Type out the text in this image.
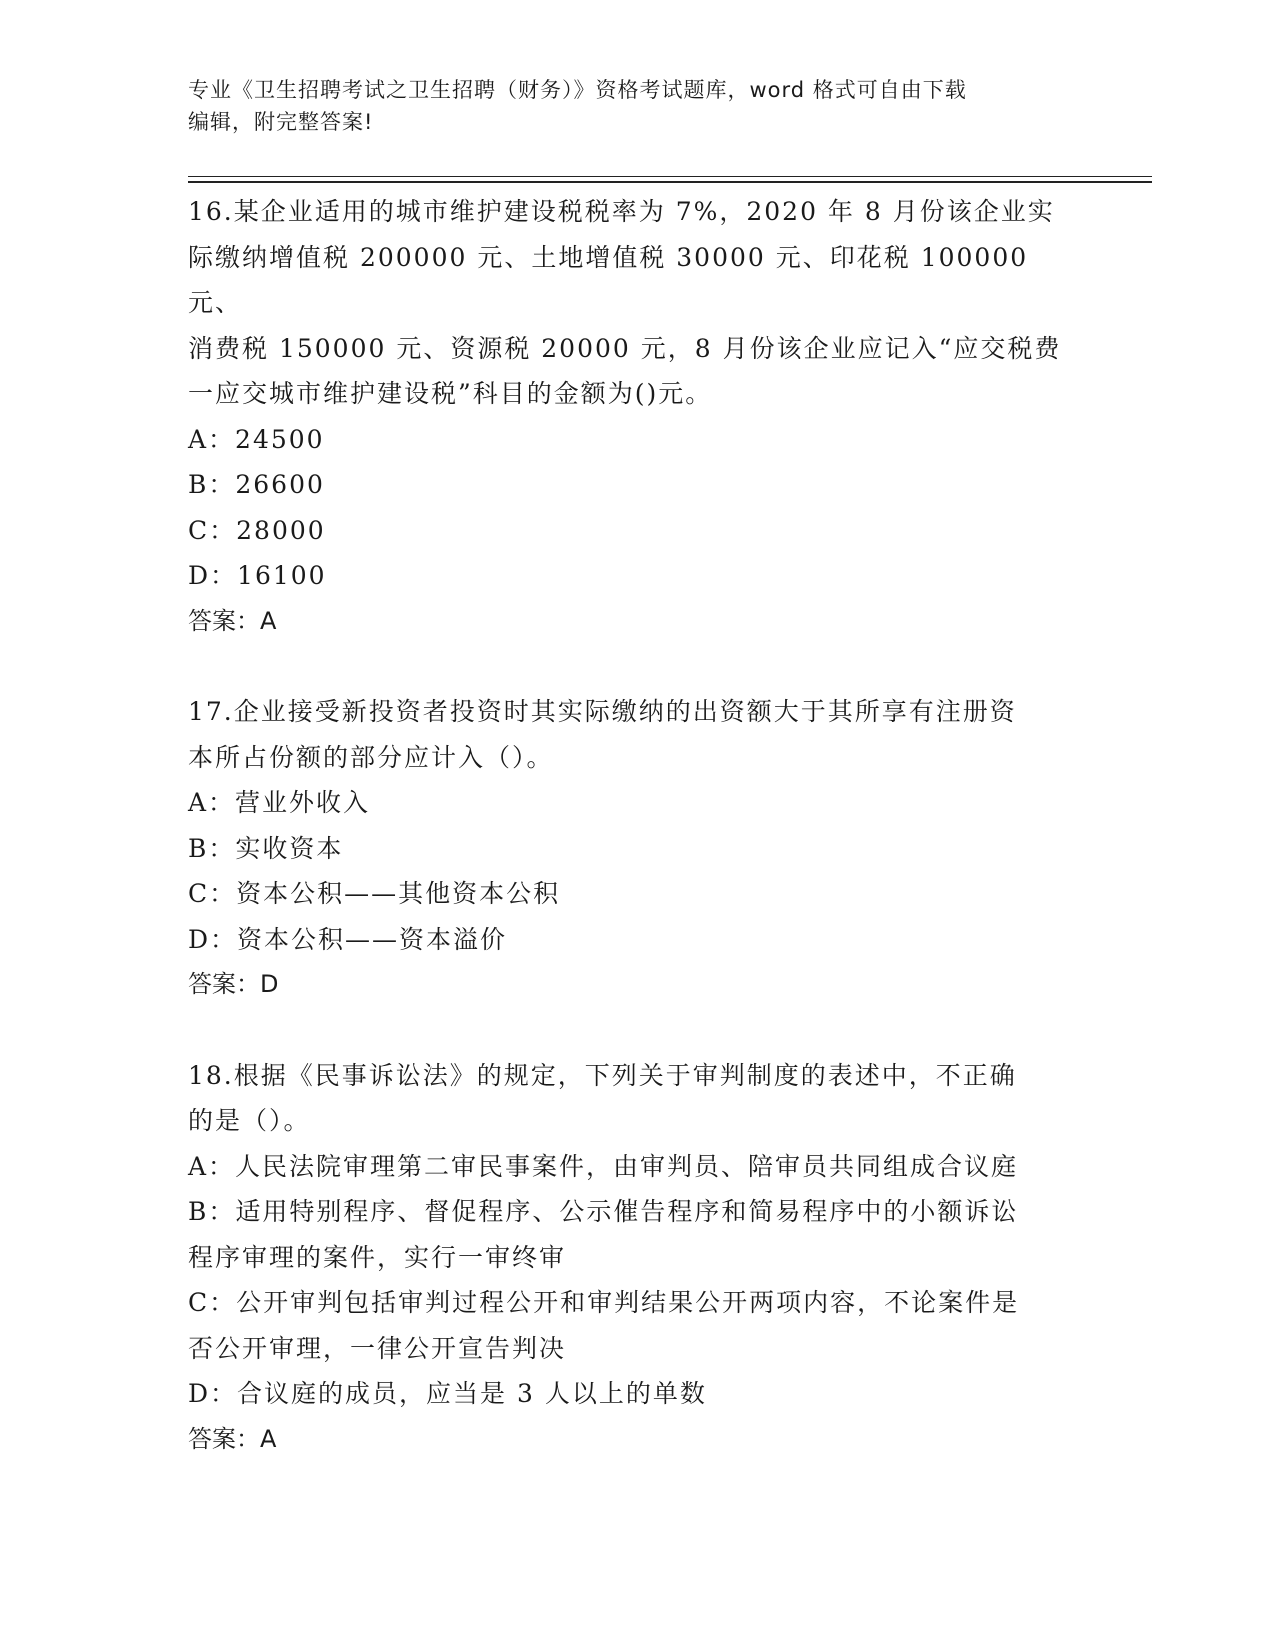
专业《卫生招聘考试之卫生招聘（财务）》资格考试题库，word 格式可自由下载
编辑，附完整答案!

16.某企业适用的城市维护建设税税率为 7%，2020 年 8 月份该企业实

际缴纳增值税 200000 元、土地增值税 30000 元、印花税 100000 元、

消费税 150000 元、资源税 20000 元，8 月份该企业应记入“应交税费

一应交城市维护建设税”科目的金额为()元。

A：24500

B：26600

C：28000

D：16100

答案：A

17.企业接受新投资者投资时其实际缴纳的出资额大于其所享有注册资

本所占份额的部分应计入（）。

A：营业外收入

B：实收资本

C：资本公积——其他资本公积

D：资本公积——资本溢价

答案：D

18.根据《民事诉讼法》的规定，下列关于审判制度的表述中，不正确

的是（）。

A：人民法院审理第二审民事案件，由审判员、陪审员共同组成合议庭

B：适用特别程序、督促程序、公示催告程序和简易程序中的小额诉讼

程序审理的案件，实行一审终审

C：公开审判包括审判过程公开和审判结果公开两项内容，不论案件是

否公开审理，一律公开宣告判决

D：合议庭的成员，应当是 3 人以上的单数

答案：A
